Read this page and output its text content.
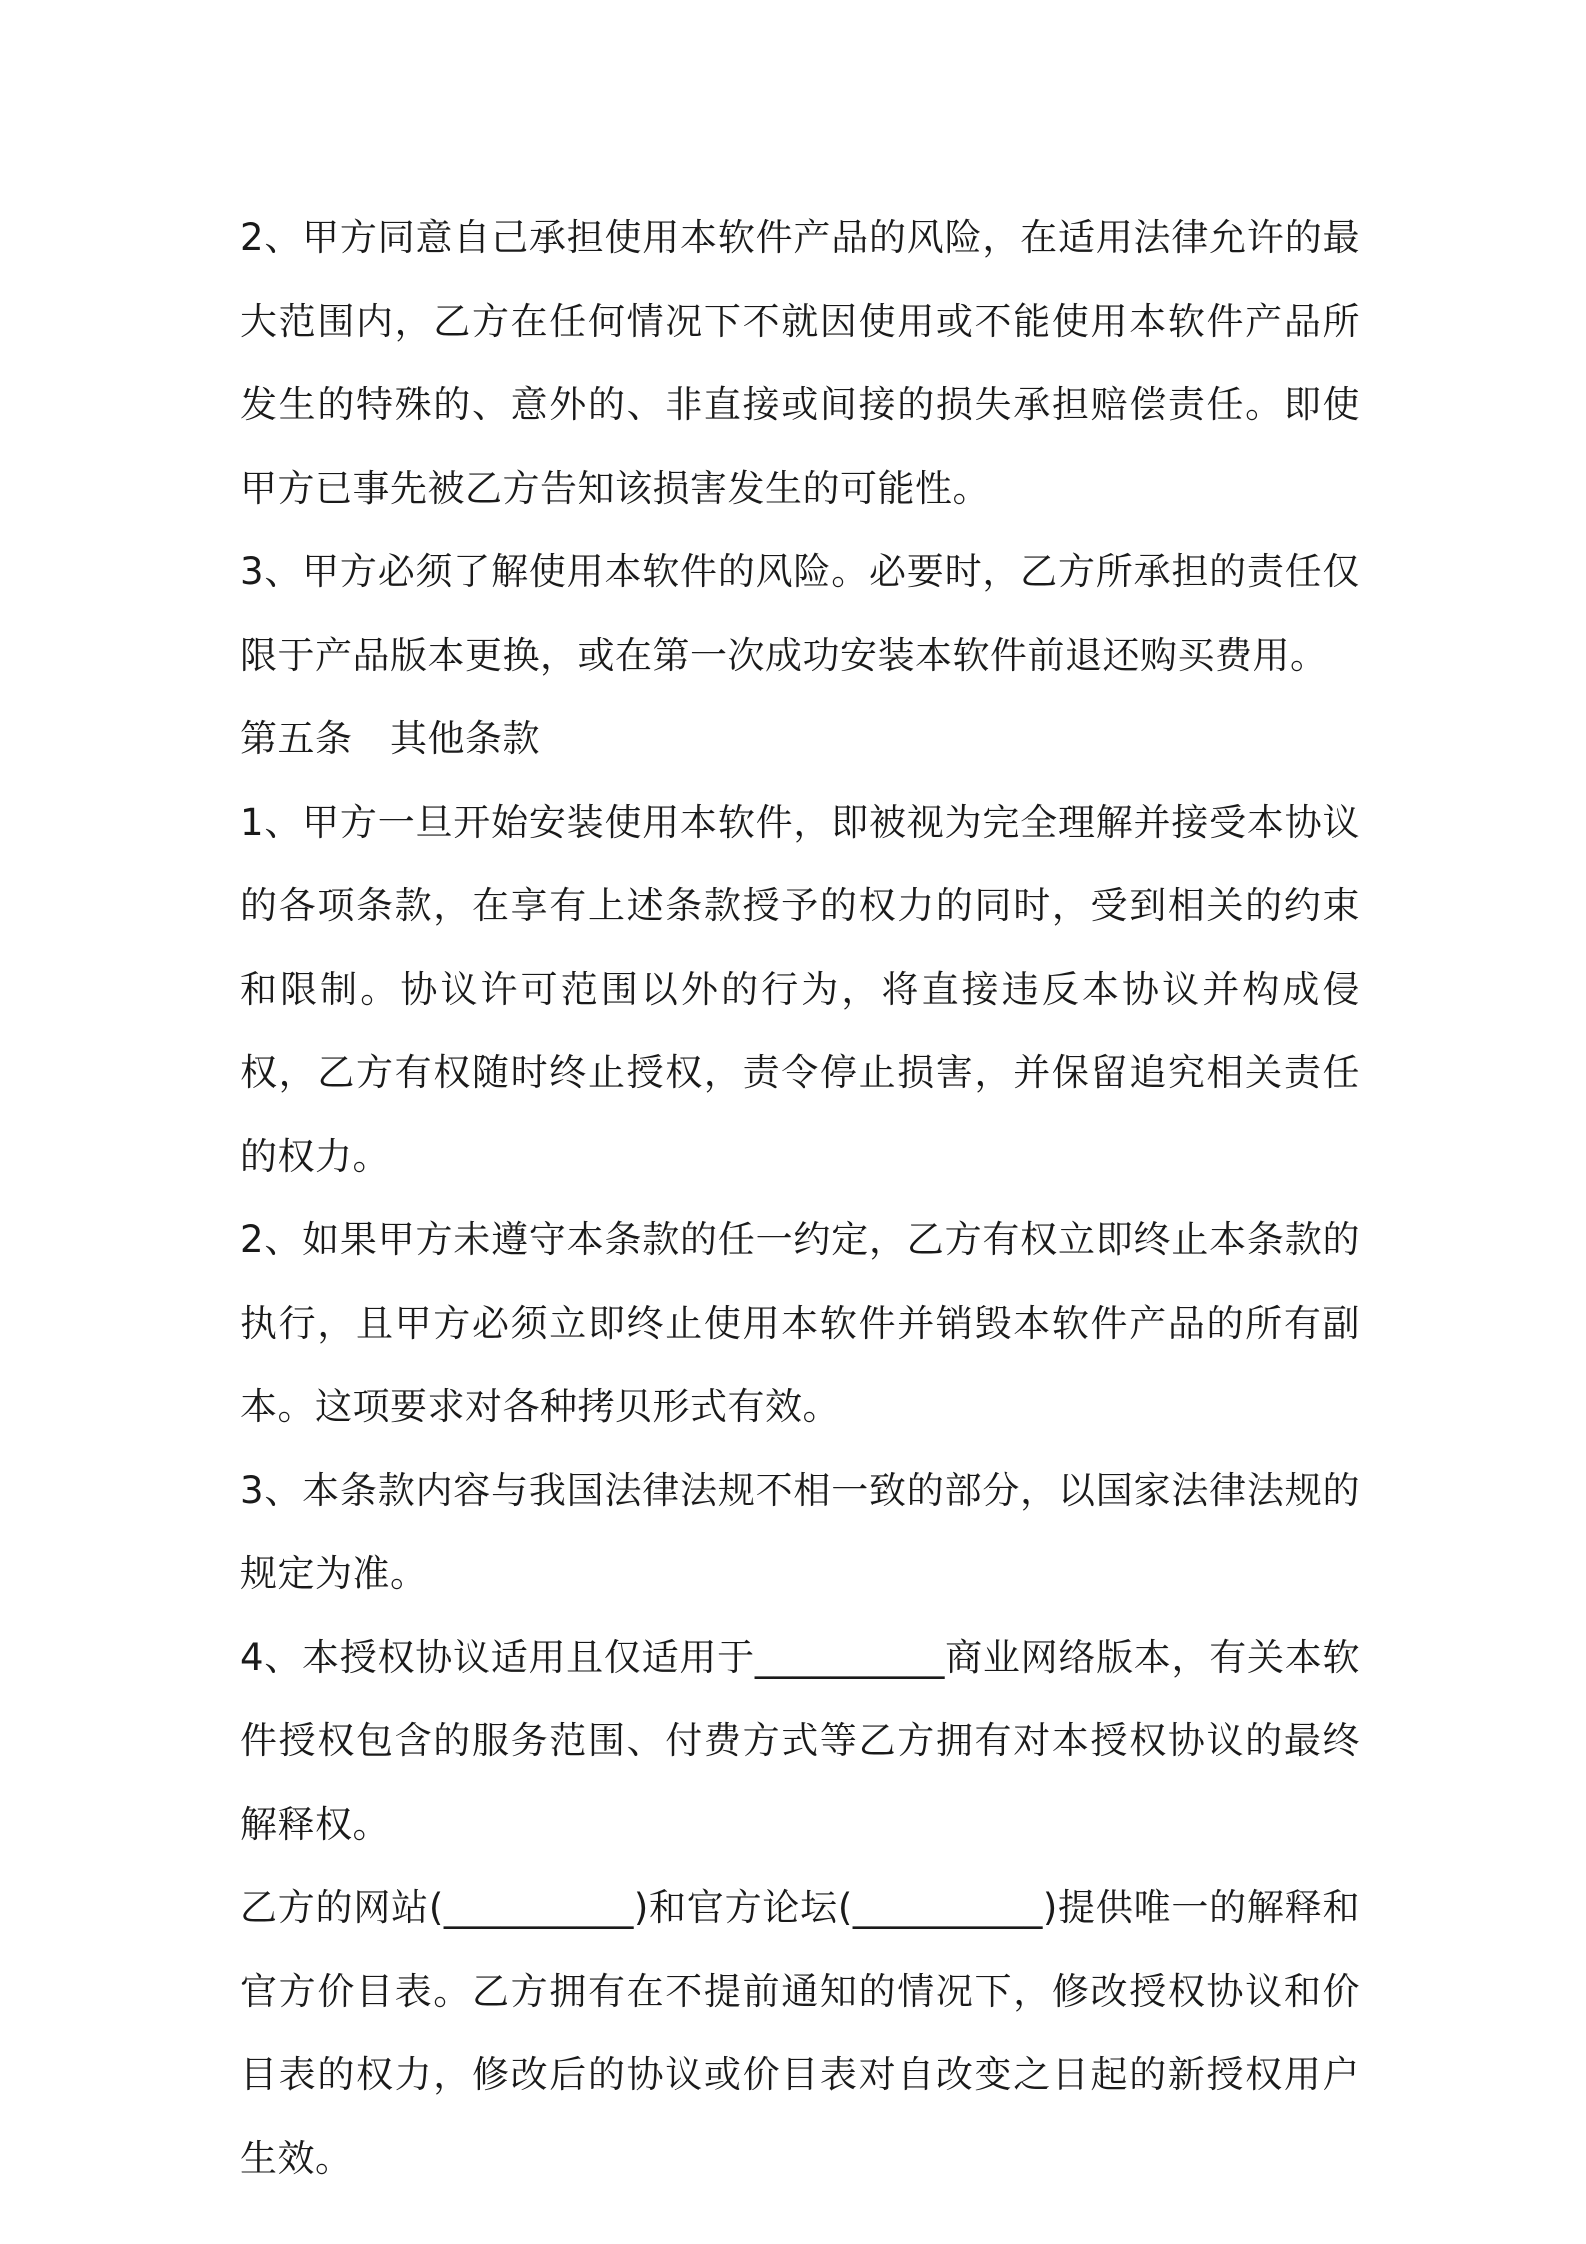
2、甲方同意自己承担使用本软件产品的风险，在适用法律允许的最大范围内，乙方在任何情况下不就因使用或不能使用本软件产品所发生的特殊的、意外的、非直接或间接的损失承担赔偿责任。即使甲方已事先被乙方告知该损害发生的可能性。

3、甲方必须了解使用本软件的风险。必要时，乙方所承担的责任仅限于产品版本更换，或在第一次成功安装本软件前退还购买费用。

第五条　其他条款

1、甲方一旦开始安装使用本软件，即被视为完全理解并接受本协议的各项条款，在享有上述条款授予的权力的同时，受到相关的约束和限制。协议许可范围以外的行为，将直接违反本协议并构成侵权，乙方有权随时终止授权，责令停止损害，并保留追究相关责任的权力。

2、如果甲方未遵守本条款的任一约定，乙方有权立即终止本条款的执行，且甲方必须立即终止使用本软件并销毁本软件产品的所有副本。这项要求对各种拷贝形式有效。

3、本条款内容与我国法律法规不相一致的部分，以国家法律法规的规定为准。

4、本授权协议适用且仅适用于__________商业网络版本，有关本软件授权包含的服务范围、付费方式等乙方拥有对本授权协议的最终解释权。

乙方的网站(__________)和官方论坛(__________)提供唯一的解释和官方价目表。乙方拥有在不提前通知的情况下，修改授权协议和价目表的权力，修改后的协议或价目表对自改变之日起的新授权用户生效。
